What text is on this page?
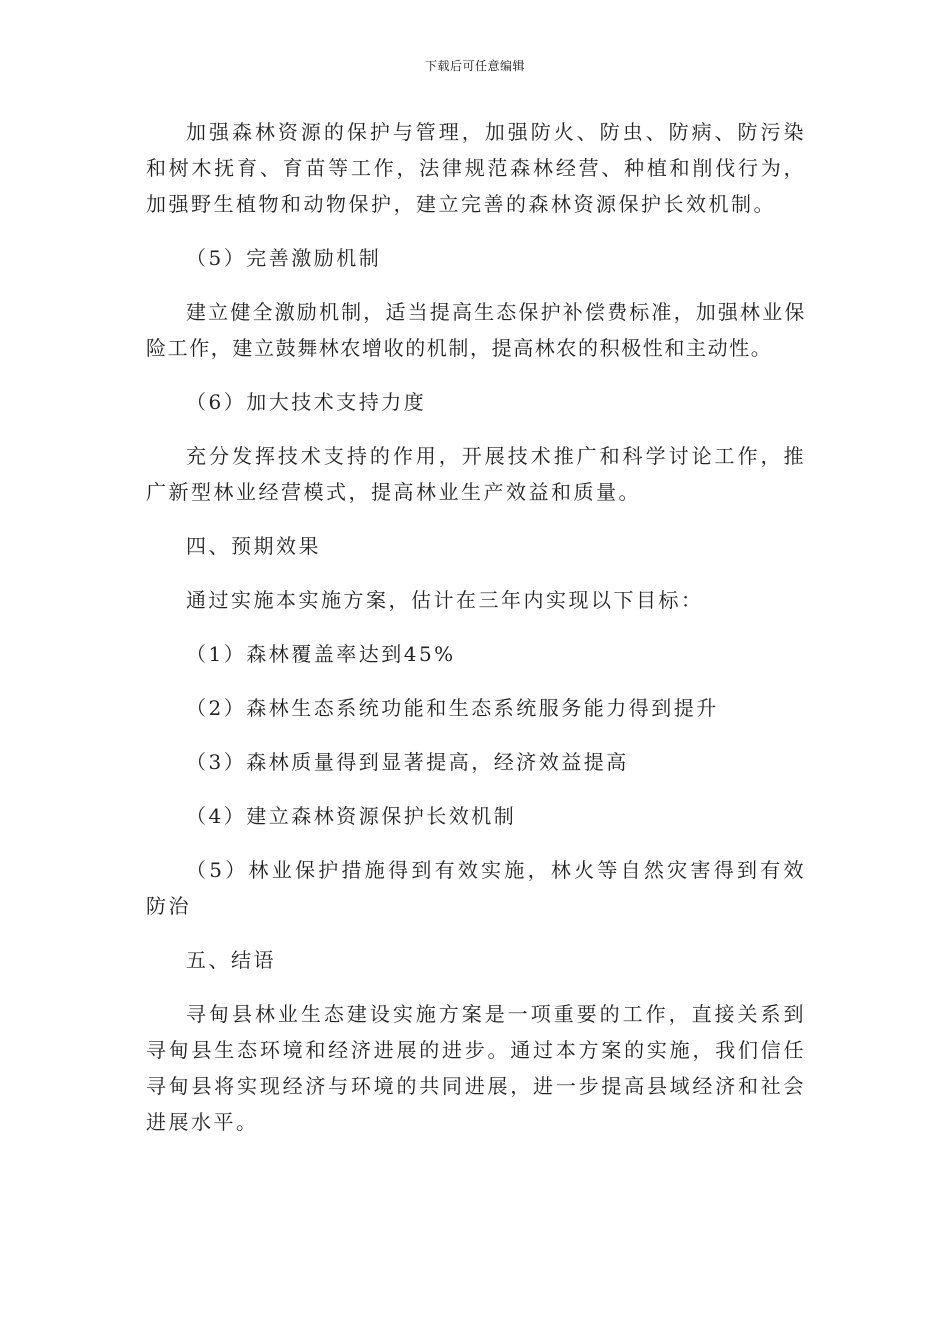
下载后可任意编辑

加强森林资源的保护与管理，加强防火、防虫、防病、防污染和树木抚育、育苗等工作，法律规范森林经营、种植和削伐行为，加强野生植物和动物保护，建立完善的森林资源保护长效机制。

（5）完善激励机制

建立健全激励机制，适当提高生态保护补偿费标准，加强林业保险工作，建立鼓舞林农增收的机制，提高林农的积极性和主动性。

（6）加大技术支持力度

充分发挥技术支持的作用，开展技术推广和科学讨论工作，推广新型林业经营模式，提高林业生产效益和质量。

四、预期效果

通过实施本实施方案，估计在三年内实现以下目标：

（1）森林覆盖率达到45%

（2）森林生态系统功能和生态系统服务能力得到提升

（3）森林质量得到显著提高，经济效益提高

（4）建立森林资源保护长效机制

（5）林业保护措施得到有效实施，林火等自然灾害得到有效防治

五、结语

寻甸县林业生态建设实施方案是一项重要的工作，直接关系到寻甸县生态环境和经济进展的进步。通过本方案的实施，我们信任寻甸县将实现经济与环境的共同进展，进一步提高县域经济和社会进展水平。
